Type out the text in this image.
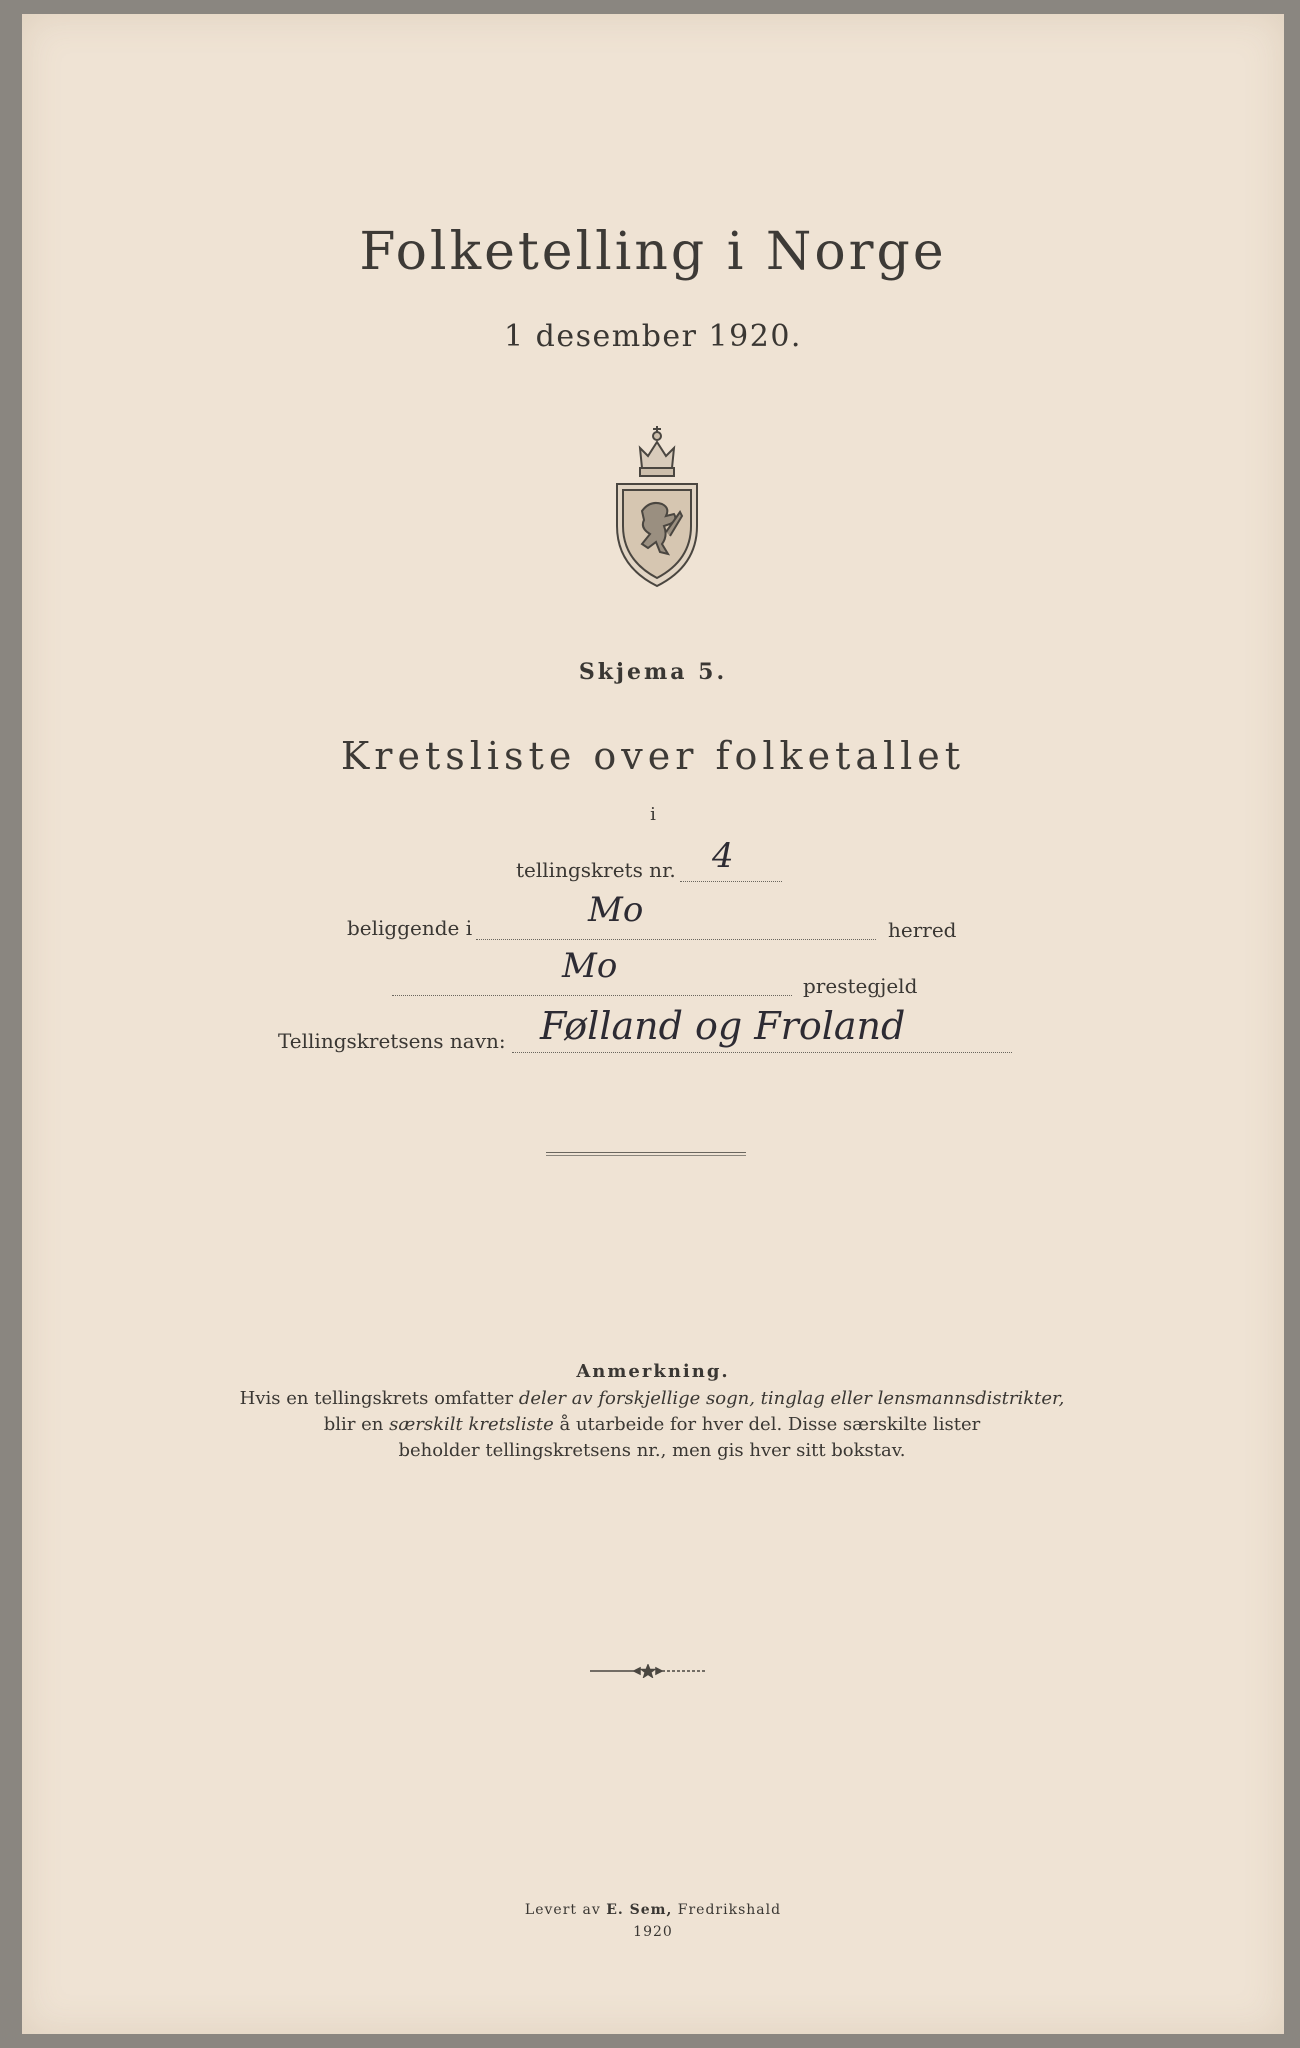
Folketelling i Norge
1 desember 1920.
Skjema 5.
Kretsliste over folketallet
i
tellingskrets nr. 4
beliggende i	Mo	herred
Mo	prestegjeld
Tellingskretsens navn: Følland og Froland
Anmerkning.
Hvis en tellingskrets omfatter deler av forskjellige sogn, tinglag eller lensmannsdistrikter,
blir en særskilt kretsliste å utarbeide for hver del. Disse særskilte lister
beholder tellingskretsens nr., men gis hver sitt bokstav.
Levert av E. Sem, Fredrikshald
1920
